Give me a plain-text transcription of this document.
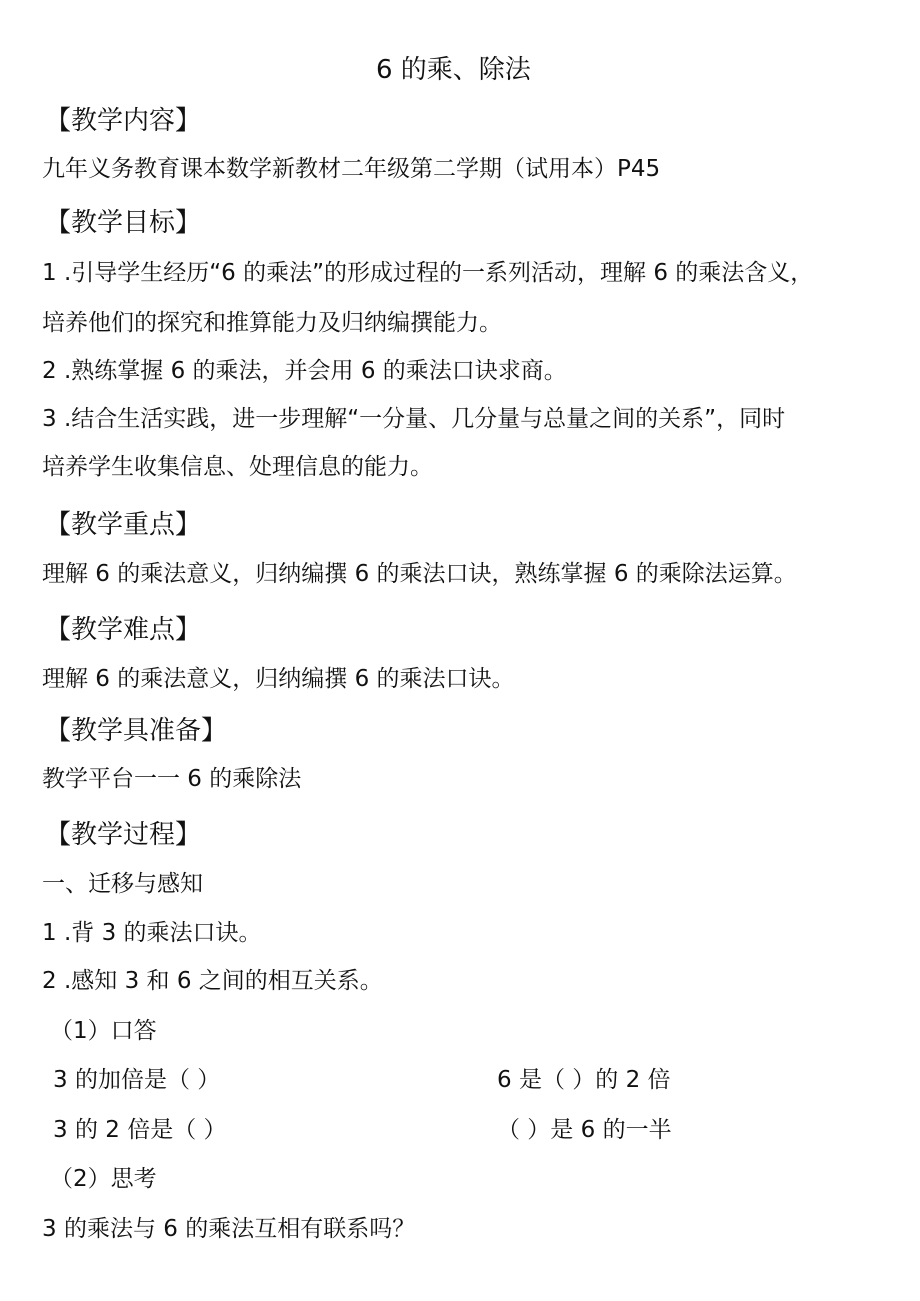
6 的乘、除法
【教学内容】
九年义务教育课本数学新教材二年级第二学期（试用本）P45
【教学目标】
1 .引导学生经历“6 的乘法”的形成过程的一系列活动，理解 6 的乘法含义，
培养他们的探究和推算能力及归纳编撰能力。
2 .熟练掌握 6 的乘法，并会用 6 的乘法口诀求商。
3 .结合生活实践，进一步理解“一分量、几分量与总量之间的关系”，同时
培养学生收集信息、处理信息的能力。
【教学重点】
理解 6 的乘法意义，归纳编撰 6 的乘法口诀，熟练掌握 6 的乘除法运算。
【教学难点】
理解 6 的乘法意义，归纳编撰 6 的乘法口诀。
【教学具准备】
教学平台一一 6 的乘除法
【教学过程】
一、迁移与感知
1 .背 3 的乘法口诀。
2 .感知 3 和 6 之间的相互关系。
（1）口答
3 的加倍是（ ）	6 是（ ）的 2 倍
3 的 2 倍是（ ）	（ ）是 6 的一半
（2）思考
3 的乘法与 6 的乘法互相有联系吗？
